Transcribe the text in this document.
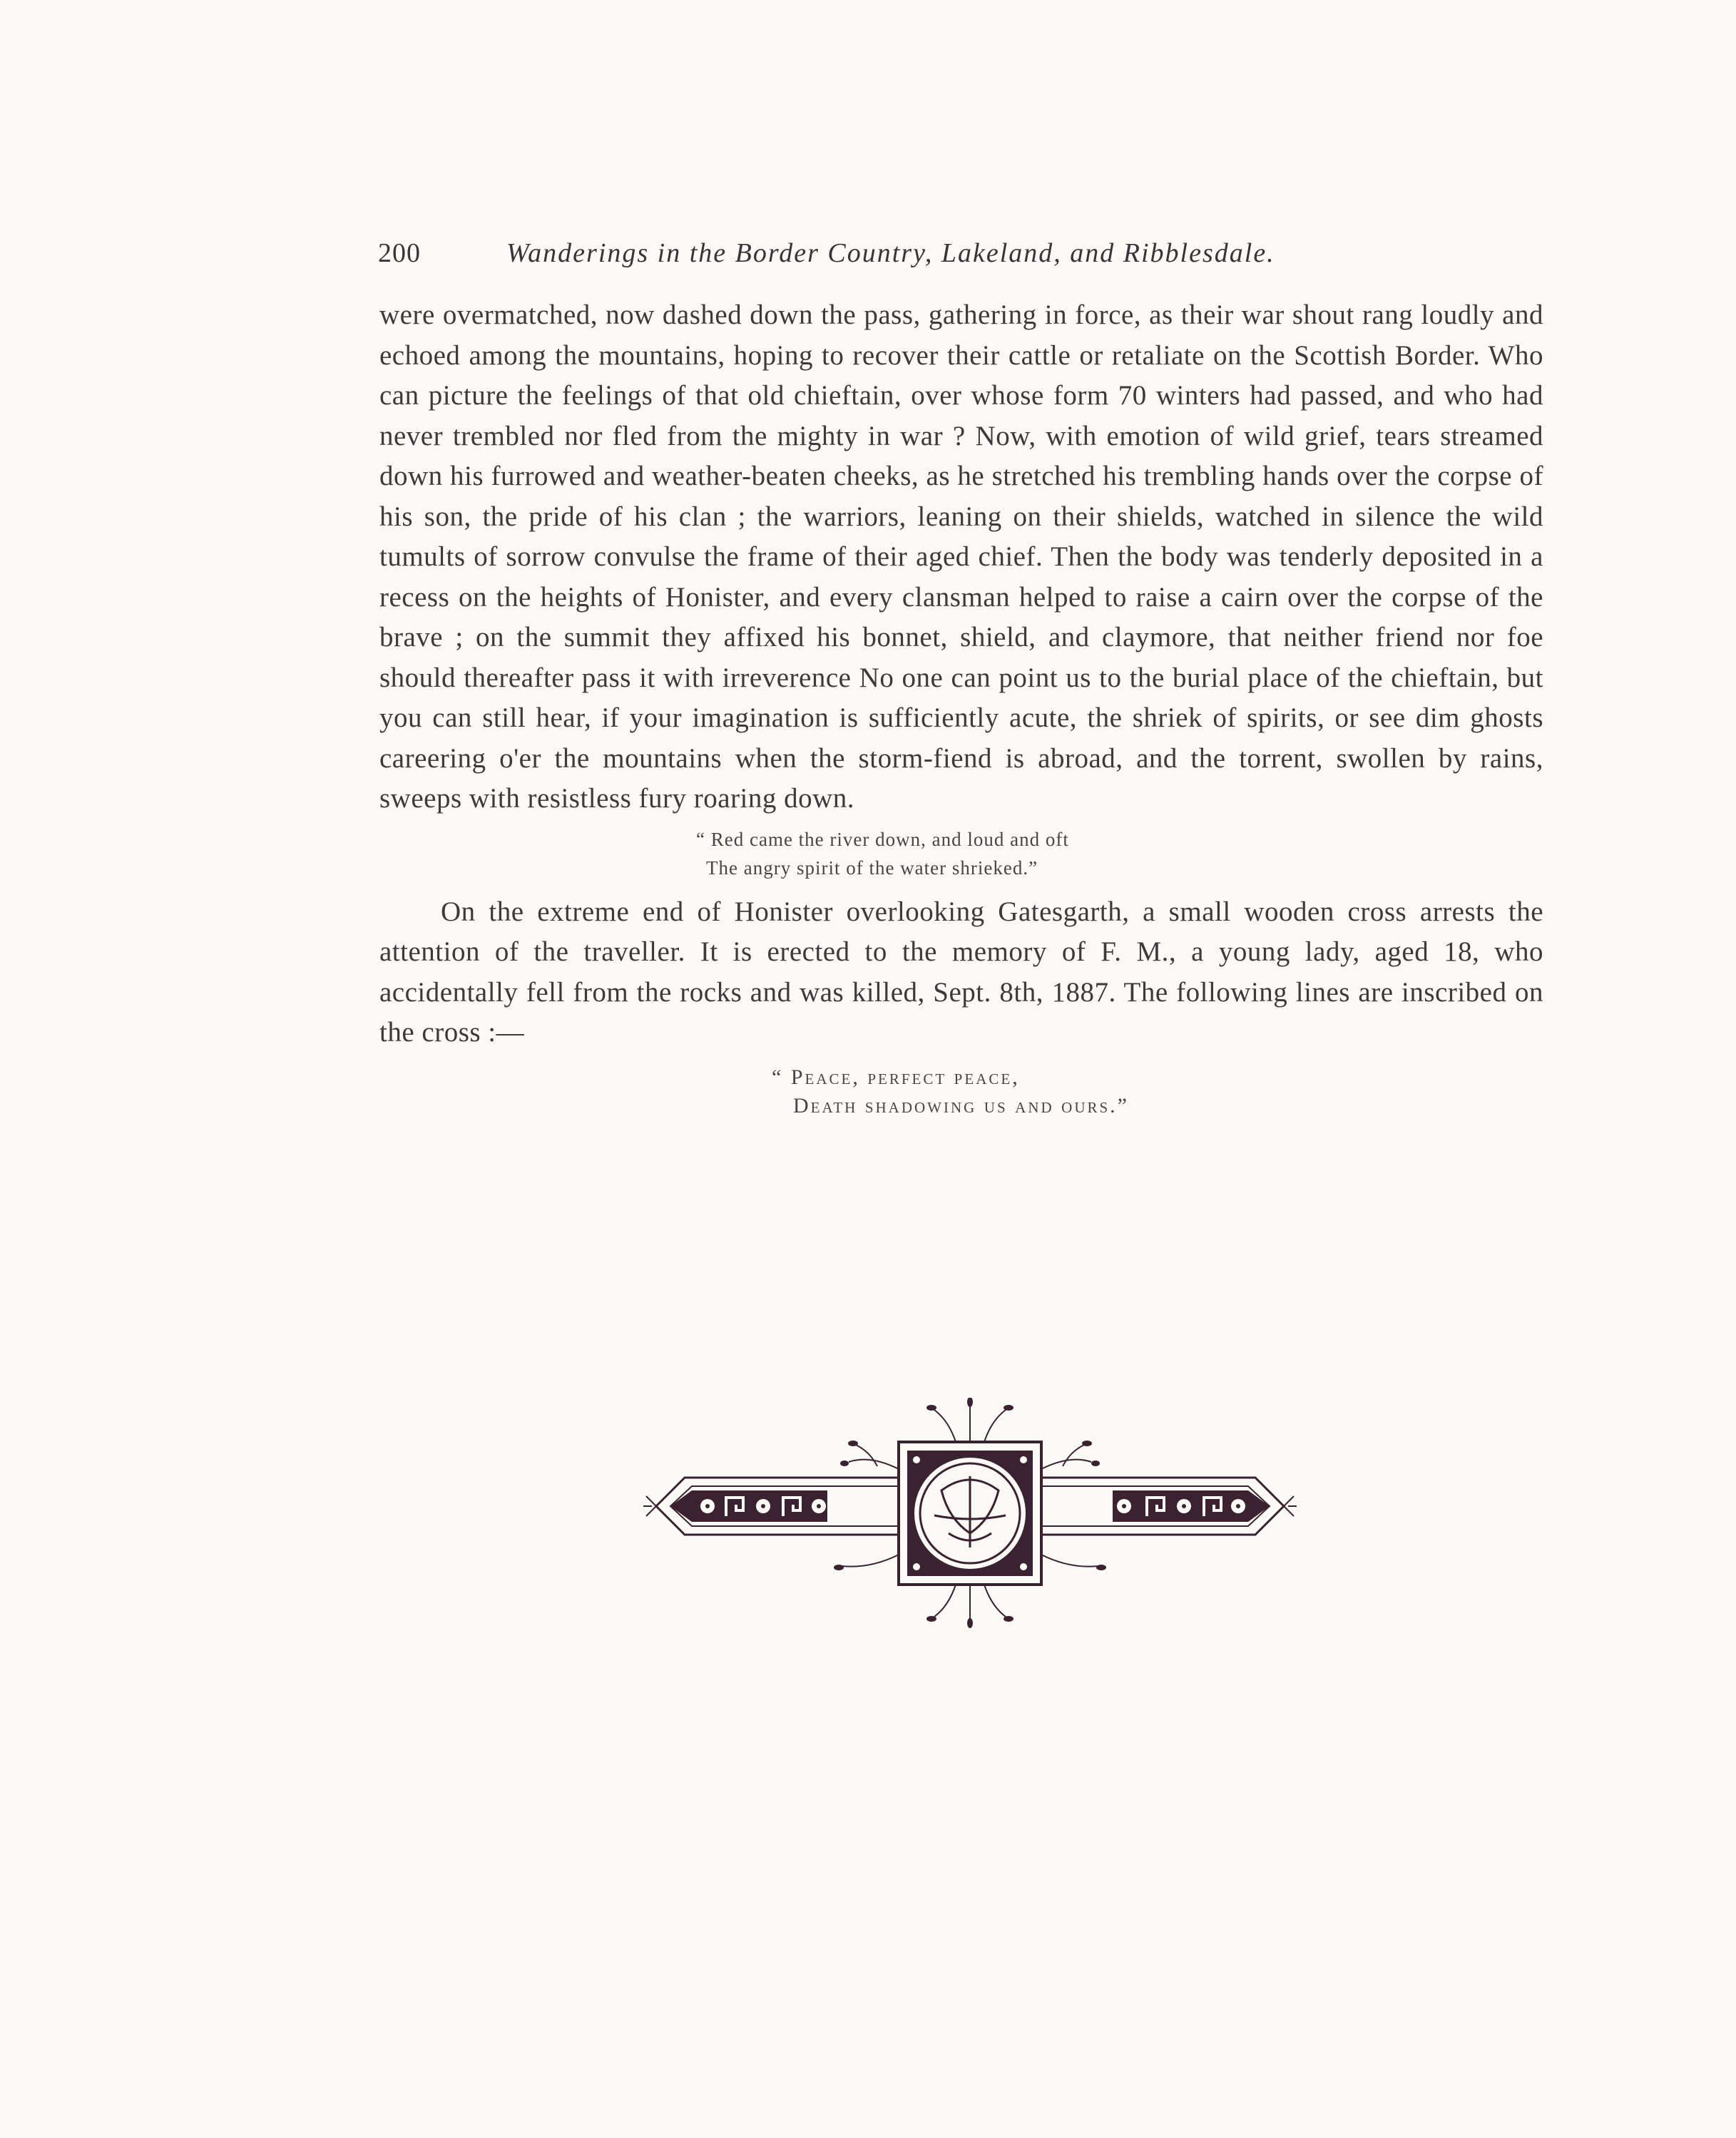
200	Wanderings in the Border Country, Lakeland, and Ribblesdale.

were overmatched, now dashed down the pass, gathering in force, as their war shout rang loudly and echoed among the mountains, hoping to recover their cattle or retaliate on the Scottish Border. Who can picture the feelings of that old chieftain, over whose form 70 winters had passed, and who had never trembled nor fled from the mighty in war ? Now, with emotion of wild grief, tears streamed down his furrowed and weather-beaten cheeks, as he stretched his trembling hands over the corpse of his son, the pride of his clan ; the warriors, leaning on their shields, watched in silence the wild tumults of sorrow convulse the frame of their aged chief. Then the body was tenderly deposited in a recess on the heights of Honister, and every clansman helped to raise a cairn over the corpse of the brave ; on the summit they affixed his bonnet, shield, and claymore, that neither friend nor foe should thereafter pass it with irreverence No one can point us to the burial place of the chieftain, but you can still hear, if your imagination is sufficiently acute, the shriek of spirits, or see dim ghosts careering o'er the mountains when the storm-fiend is abroad, and the torrent, swollen by rains, sweeps with resistless fury roaring down.

“ Red came the river down, and loud and oft
The angry spirit of the water shrieked.”

On the extreme end of Honister overlooking Gatesgarth, a small wooden cross arrests the attention of the traveller. It is erected to the memory of F. M., a young lady, aged 18, who accidentally fell from the rocks and was killed, Sept. 8th, 1887. The following lines are inscribed on the cross :—

“ Peace, perfect peace,
Death shadowing us and ours.”
